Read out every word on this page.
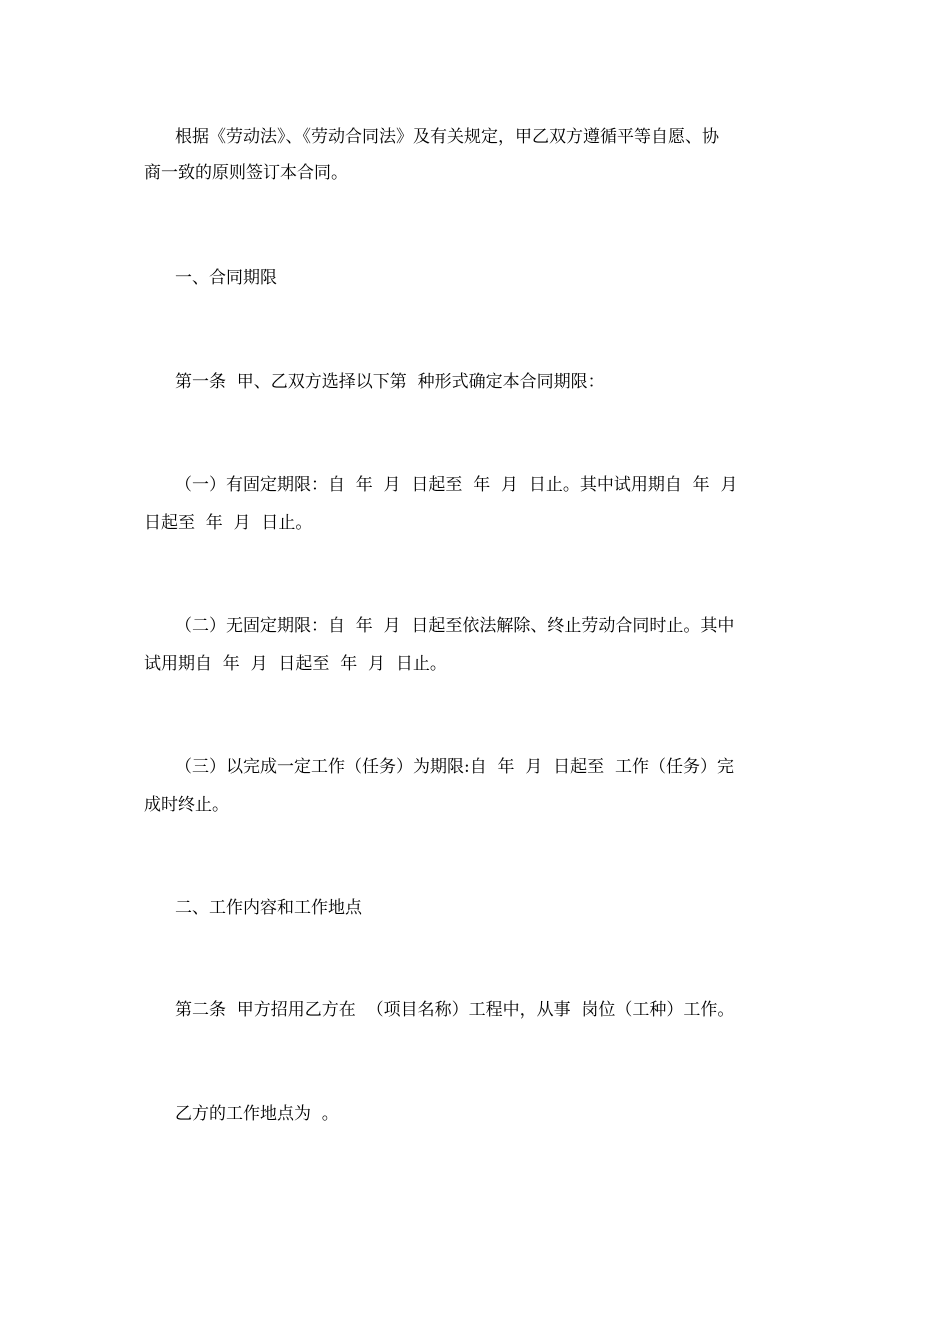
根据《劳动法》、《劳动合同法》及有关规定，甲乙双方遵循平等自愿、协

商一致的原则签订本合同。

一、合同期限

第一条  甲、乙双方选择以下第  种形式确定本合同期限：

（一）有固定期限：自  年  月  日起至  年  月  日止。其中试用期自  年  月

日起至  年  月  日止。

（二）无固定期限：自  年  月  日起至依法解除、终止劳动合同时止。其中

试用期自  年  月  日起至  年  月  日止。

（三）以完成一定工作（任务）为期限:自  年  月  日起至  工作（任务）完

成时终止。

二、工作内容和工作地点

第二条  甲方招用乙方在  （项目名称）工程中，从事  岗位（工种）工作。

乙方的工作地点为  。
